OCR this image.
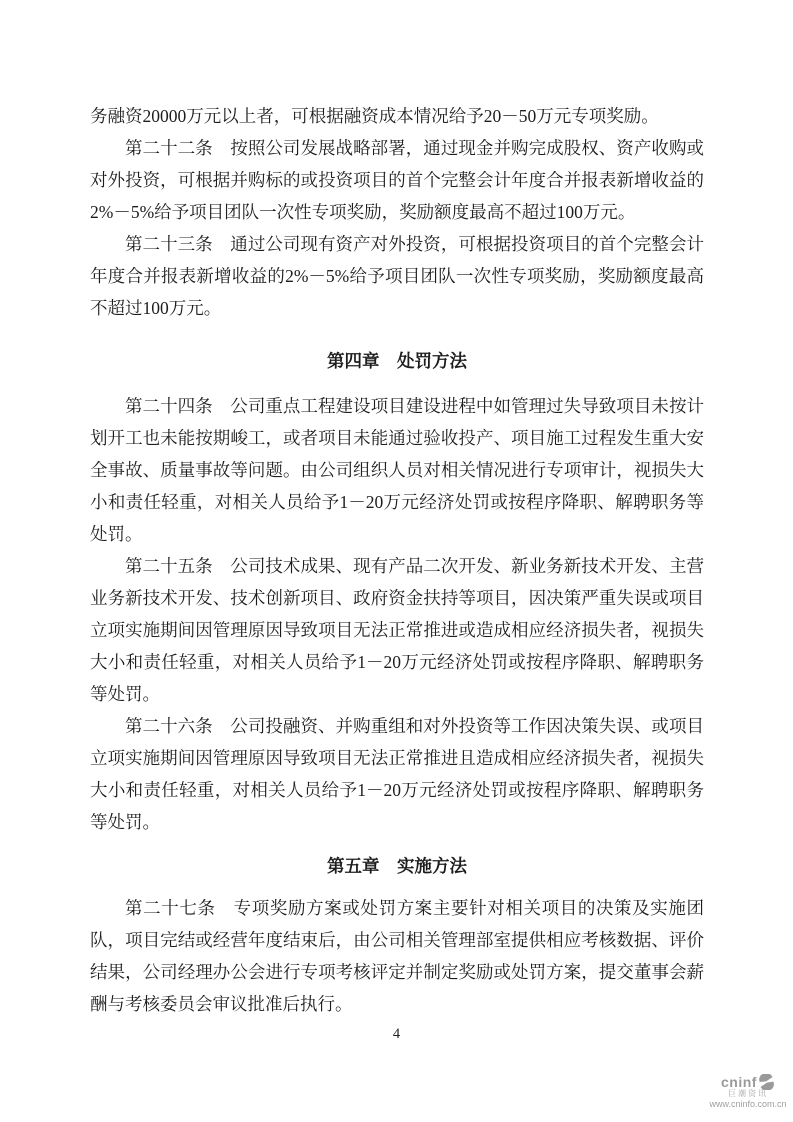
务融资20000万元以上者，可根据融资成本情况给予20－50万元专项奖励。

第二十二条　按照公司发展战略部署，通过现金并购完成股权、资产收购或对外投资，可根据并购标的或投资项目的首个完整会计年度合并报表新增收益的2%－5%给予项目团队一次性专项奖励，奖励额度最高不超过100万元。

第二十三条　通过公司现有资产对外投资，可根据投资项目的首个完整会计年度合并报表新增收益的2%－5%给予项目团队一次性专项奖励，奖励额度最高不超过100万元。

第四章　处罚方法

第二十四条　公司重点工程建设项目建设进程中如管理过失导致项目未按计划开工也未能按期峻工，或者项目未能通过验收投产、项目施工过程发生重大安全事故、质量事故等问题。由公司组织人员对相关情况进行专项审计，视损失大小和责任轻重，对相关人员给予1－20万元经济处罚或按程序降职、解聘职务等处罚。

第二十五条　公司技术成果、现有产品二次开发、新业务新技术开发、主营业务新技术开发、技术创新项目、政府资金扶持等项目，因决策严重失误或项目立项实施期间因管理原因导致项目无法正常推进或造成相应经济损失者，视损失大小和责任轻重，对相关人员给予1－20万元经济处罚或按程序降职、解聘职务等处罚。

第二十六条　公司投融资、并购重组和对外投资等工作因决策失误、或项目立项实施期间因管理原因导致项目无法正常推进且造成相应经济损失者，视损失大小和责任轻重，对相关人员给予1－20万元经济处罚或按程序降职、解聘职务等处罚。

第五章　实施方法

第二十七条　专项奖励方案或处罚方案主要针对相关项目的决策及实施团队，项目完结或经营年度结束后，由公司相关管理部室提供相应考核数据、评价结果，公司经理办公会进行专项考核评定并制定奖励或处罚方案，提交董事会薪酬与考核委员会审议批准后执行。

4
cninf
巨潮资讯
www.cninfo.com.cn
